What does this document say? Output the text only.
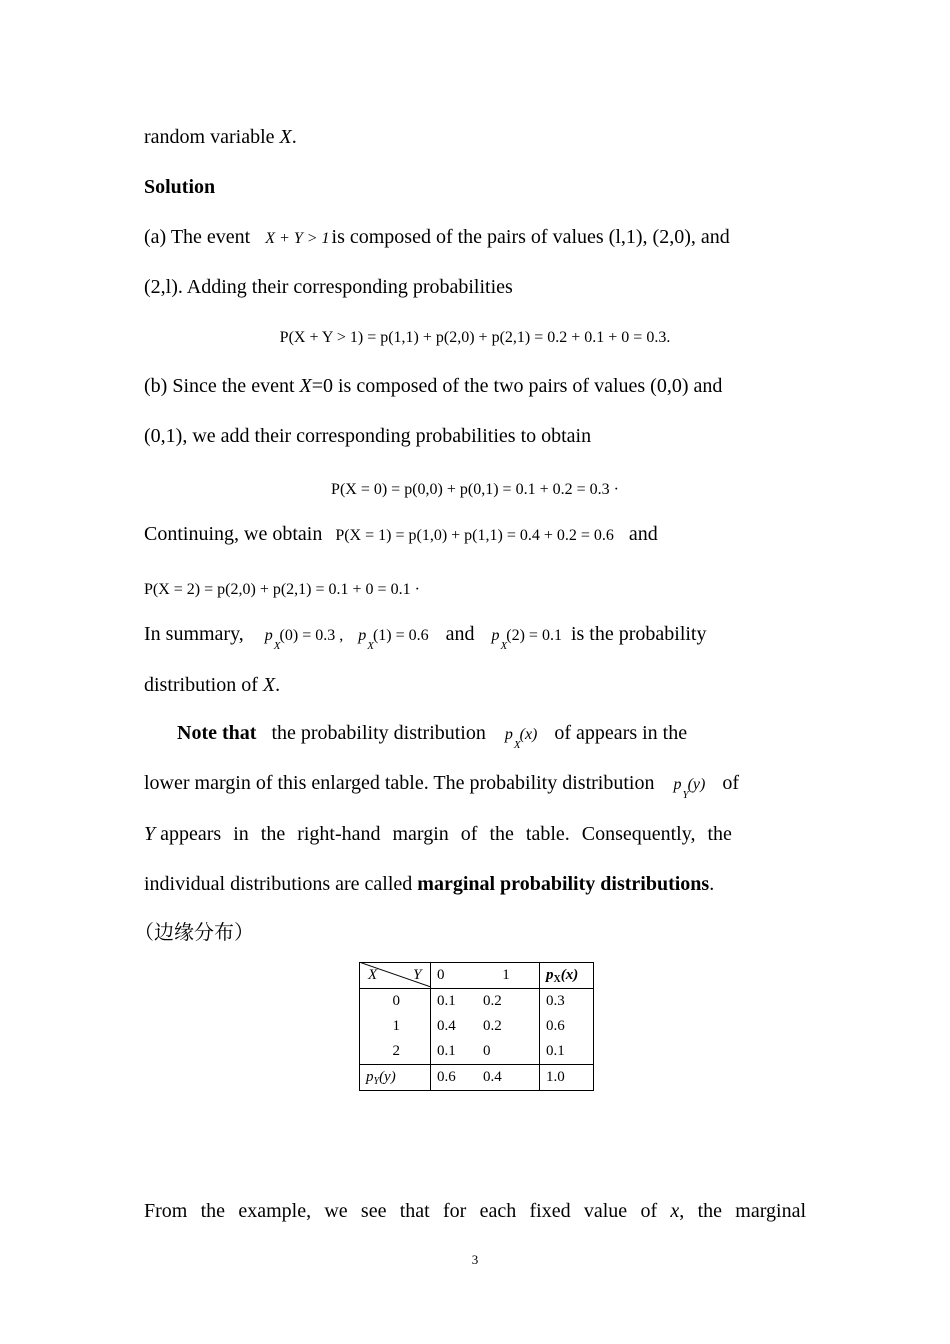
random variable X.
Solution
(a) The event X + Y > 1 is composed of the pairs of values (l,1), (2,0), and
(2,l). Adding their corresponding probabilities
P(X + Y > 1) = p(1,1) + p(2,0) + p(2,1) = 0.2 + 0.1 + 0 = 0.3.
(b) Since the event X=0 is composed of the two pairs of values (0,0) and
(0,1), we add their corresponding probabilities to obtain
P(X = 0) = p(0,0) + p(0,1) = 0.1 + 0.2 = 0.3 ·
Continuing, we obtain P(X = 1) = p(1,0) + p(1,1) = 0.4 + 0.2 = 0.6 and
P(X = 2) = p(2,0) + p(2,1) = 0.1 + 0 = 0.1 ·
In summary, $p_X(0) = 0.3$ , $p_X(1) = 0.6$ and $p_X(2) = 0.1$ is the probability
distribution of X.
Note that the probability distribution $p_X(x)$ of appears in the
lower margin of this enlarged table. The probability distribution $p_Y(y)$ of
Y appears in the right-hand margin of the table. Consequently, the
individual distributions are called marginal probability distributions.
（边缘分布）
X Y	0 1	$p_X(x)$
0	0.1 0.2	0.3
1	0.4 0.2	0.6
2	0.1 0	0.1
$p_Y(y)$	0.6 0.4	1.0
From the example, we see that for each fixed value of x, the marginal
3
